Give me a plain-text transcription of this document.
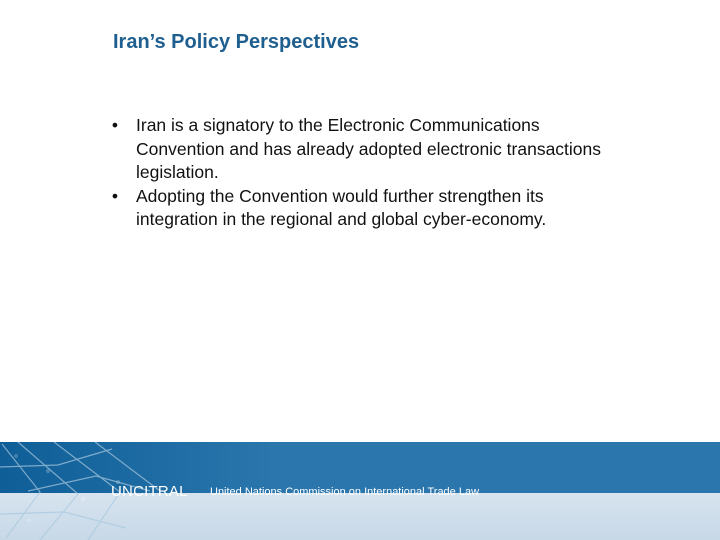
Iran’s Policy Perspectives
• Iran is a signatory to the Electronic Communications Convention and has already adopted electronic transactions legislation.
• Adopting the Convention would further strengthen its integration in the regional and global cyber-economy.

UNCITRAL United Nations Commission on International Trade Law
